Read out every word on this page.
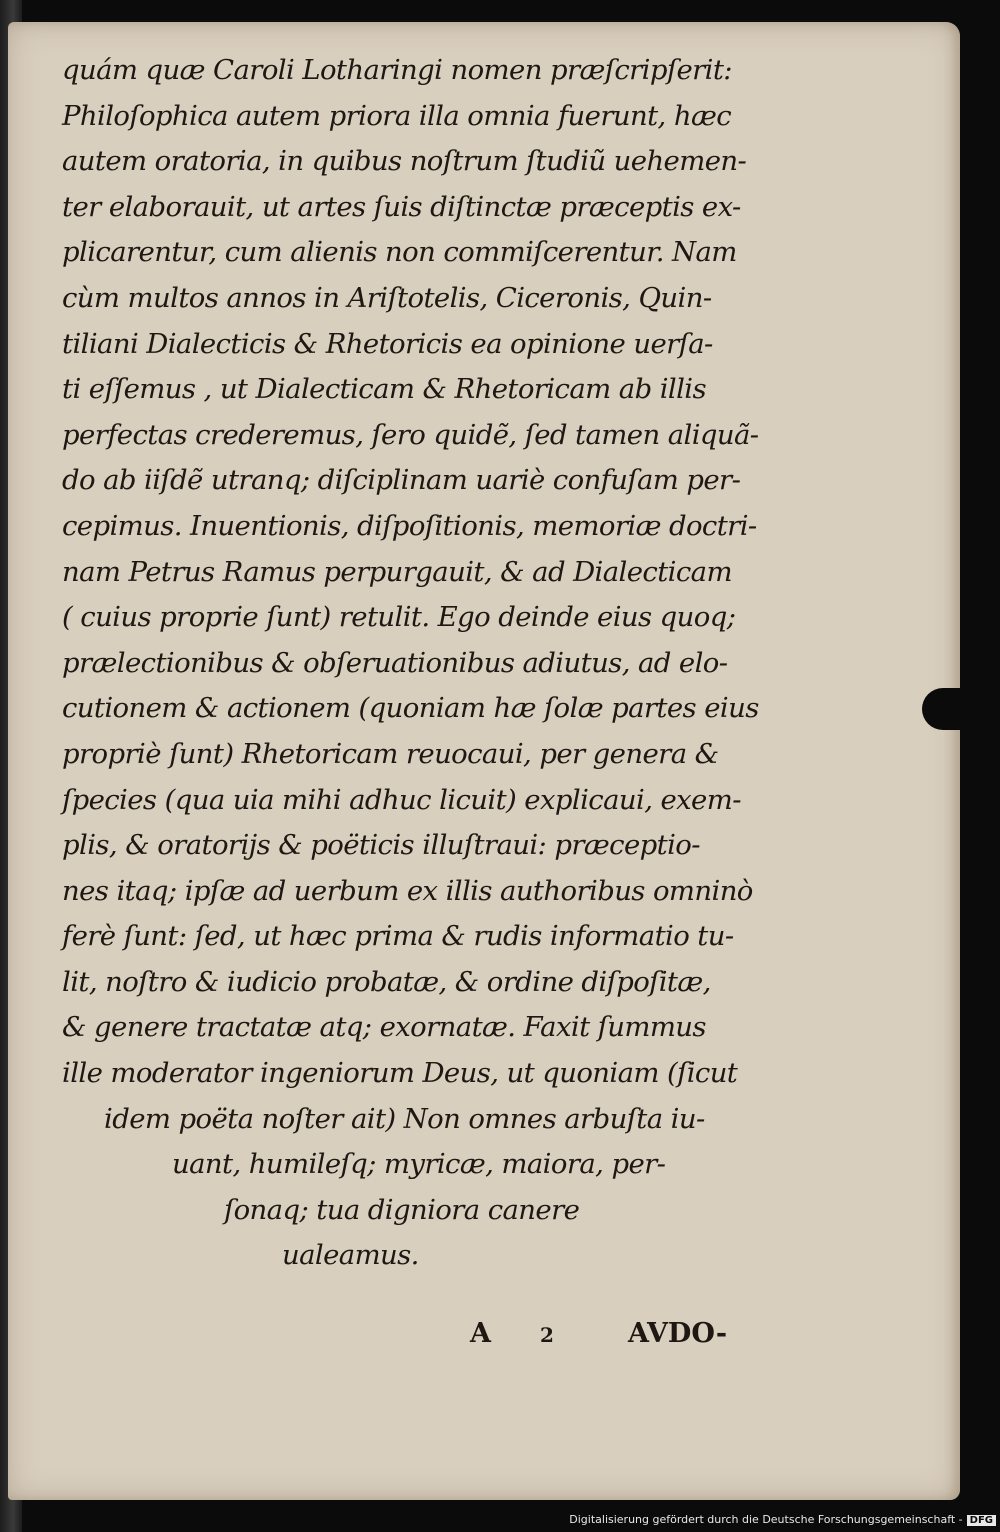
quám quæ Caroli Lotharingi nomen præſcripſerit:
Philoſophica autem priora illa omnia fuerunt, hæc
autem oratoria, in quibus noſtrum ſtudiũ uehemen-
ter elaborauit, ut artes ſuis diſtinctæ præceptis ex-
plicarentur, cum alienis non commiſcerentur. Nam
cùm multos annos in Ariſtotelis, Ciceronis, Quin-
tiliani Dialecticis & Rhetoricis ea opinione uerſa-
ti eſſemus , ut Dialecticam & Rhetoricam ab illis
perfectas crederemus, ſero quidẽ, ſed tamen aliquã-
do ab iiſdẽ utranq; diſciplinam uariè confuſam per-
cepimus. Inuentionis, diſpoſitionis, memoriæ doctri-
nam Petrus Ramus perpurgauit, & ad Dialecticam
( cuius proprie ſunt) retulit. Ego deinde eius quoq;
prælectionibus & obſeruationibus adiutus, ad elo-
cutionem & actionem (quoniam hæ ſolæ partes eius
propriè ſunt) Rhetoricam reuocaui, per genera &
ſpecies (qua uia mihi adhuc licuit) explicaui, exem-
plis, & oratorijs & poëticis illuſtraui: præceptio-
nes itaq; ipſæ ad uerbum ex illis authoribus omninò
ferè ſunt: ſed, ut hæc prima & rudis informatio tu-
lit, noſtro & iudicio probatæ, & ordine diſpoſitæ,
& genere tractatæ atq; exornatæ. Faxit ſummus
ille moderator ingeniorum Deus, ut quoniam (ſicut
idem poëta noſter ait) Non omnes arbuſta iu-
uant, humileſq; myricæ, maiora, per-
ſonaq; tua digniora canere
ualeamus.
A 2	AVDO-
Digitalisierung gefördert durch die Deutsche Forschungsgemeinschaft - DFG
